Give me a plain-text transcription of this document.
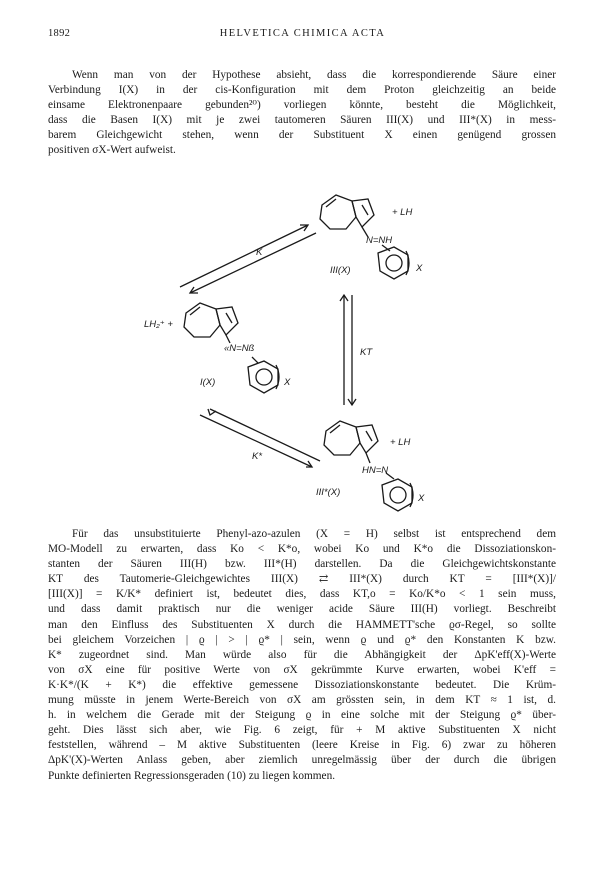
1892	HELVETICA CHIMICA ACTA
Wenn man von der Hypothese absieht, dass die korrespondierende Säure einer
Verbindung I(X) in der cis-Konfiguration mit dem Proton gleichzeitig an beide
einsame Elektronenpaare gebunden²⁰) vorliegen könnte, besteht die Möglichkeit,
dass die Basen I(X) mit je zwei tautomeren Säuren III(X) und III*(X) in mess-
barem Gleichgewicht stehen, wenn der Substituent X einen genügend grossen
positiven σX-Wert aufweist.
+ LH
N=NH
III(X)	X
K
LH₂⁺ +
«N=Nß
I(X)	X
KT
K*
+ LH
HN=N
III*(X)
X
Für das unsubstituierte Phenyl-azo-azulen (X = H) selbst ist entsprechend dem
MO-Modell zu erwarten, dass Ko < K*o, wobei Ko und K*o die Dissoziationskon-
stanten der Säuren III(H) bzw. III*(H) darstellen. Da die Gleichgewichtskonstante
KT des Tautomerie-Gleichgewichtes III(X) ⇄ III*(X) durch KT = [III*(X)]/
[III(X)] = K/K* definiert ist, bedeutet dies, dass KT,o = Ko/K*o < 1 sein muss,
und dass damit praktisch nur die weniger acide Säure III(H) vorliegt. Beschreibt
man den Einfluss des Substituenten X durch die HAMMETT'sche ϱσ-Regel, so sollte
bei gleichem Vorzeichen | ϱ | > | ϱ* | sein, wenn ϱ und ϱ* den Konstanten K bzw.
K* zugeordnet sind. Man würde also für die Abhängigkeit der ΔpK'eff(X)-Werte
von σX eine für positive Werte von σX gekrümmte Kurve erwarten, wobei K'eff =
K·K*/(K + K*) die effektive gemessene Dissoziationskonstante bedeutet. Die Krüm-
mung müsste in jenem Werte-Bereich von σX am grössten sein, in dem KT ≈ 1 ist, d.
h. in welchem die Gerade mit der Steigung ϱ in eine solche mit der Steigung ϱ* über-
geht. Dies lässt sich aber, wie Fig. 6 zeigt, für + M aktive Substituenten X nicht
feststellen, während – M aktive Substituenten (leere Kreise in Fig. 6) zwar zu höheren
ΔpK'(X)-Werten Anlass geben, aber ziemlich unregelmässig über der durch die übrigen
Punkte definierten Regressionsgeraden (10) zu liegen kommen.
